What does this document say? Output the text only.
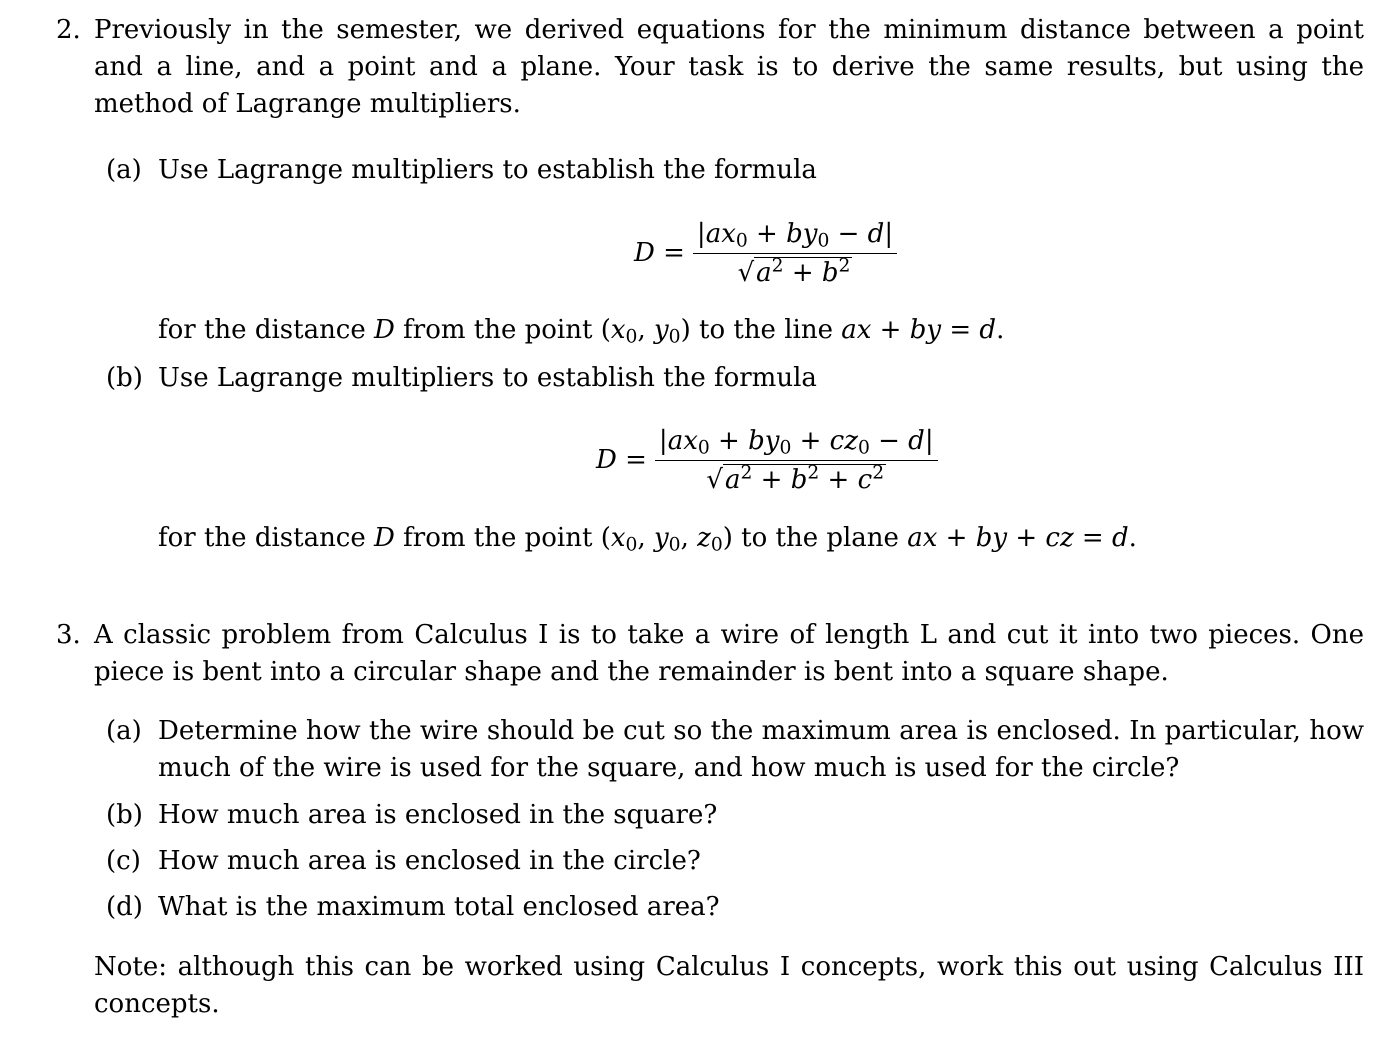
2. Previously in the semester, we derived equations for the minimum distance between a point and a line, and a point and a plane. Your task is to derive the same results, but using the method of Lagrange multipliers.
(a) Use Lagrange multipliers to establish the formula
$D = \frac{|ax_0 + by_0 - d|}{√a^2 + b^2}$
for the distance D from the point ($x_0$, $y_0$) to the line ax + by = d.
(b) Use Lagrange multipliers to establish the formula
$D = \frac{|ax_0 + by_0 + cz_0 - d|}{√a^2 + b^2 + c^2}$
for the distance D from the point ($x_0$, $y_0$, $z_0$) to the plane ax + by + cz = d.
3. A classic problem from Calculus I is to take a wire of length L and cut it into two pieces. One piece is bent into a circular shape and the remainder is bent into a square shape.
(a) Determine how the wire should be cut so the maximum area is enclosed. In particular, how much of the wire is used for the square, and how much is used for the circle?
(b) How much area is enclosed in the square?
(c) How much area is enclosed in the circle?
(d) What is the maximum total enclosed area?
Note: although this can be worked using Calculus I concepts, work this out using Calculus III concepts.
